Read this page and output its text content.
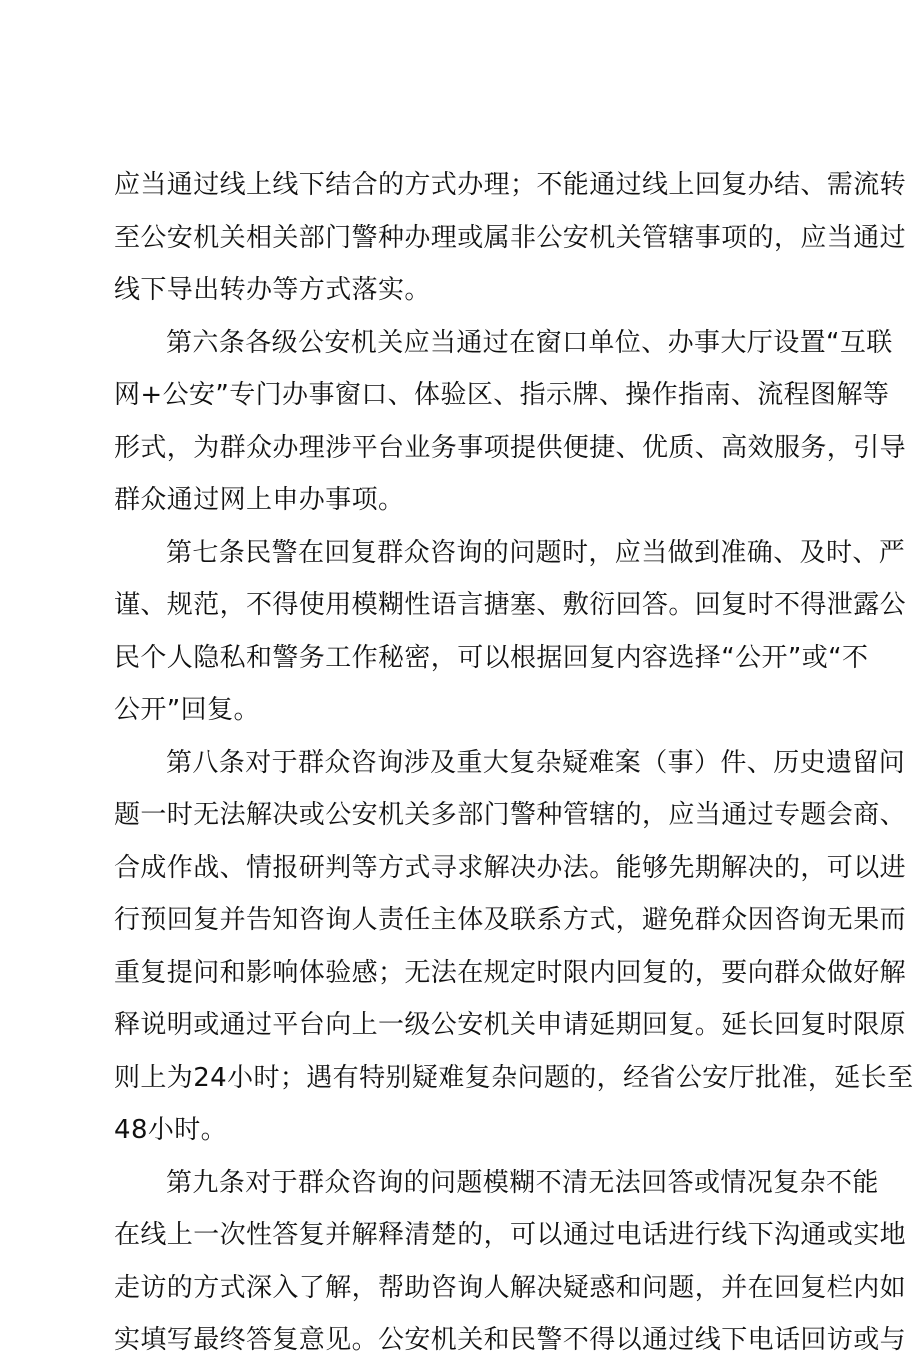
应当通过线上线下结合的方式办理；不能通过线上回复办结、需流转
至公安机关相关部门警种办理或属非公安机关管辖事项的，应当通过
线下导出转办等方式落实。
第六条各级公安机关应当通过在窗口单位、办事大厅设置“互联
网+公安”专门办事窗口、体验区、指示牌、操作指南、流程图解等
形式，为群众办理涉平台业务事项提供便捷、优质、高效服务，引导
群众通过网上申办事项。
第七条民警在回复群众咨询的问题时，应当做到准确、及时、严
谨、规范，不得使用模糊性语言搪塞、敷衍回答。回复时不得泄露公
民个人隐私和警务工作秘密，可以根据回复内容选择“公开”或“不
公开”回复。
第八条对于群众咨询涉及重大复杂疑难案（事）件、历史遗留问
题一时无法解决或公安机关多部门警种管辖的，应当通过专题会商、
合成作战、情报研判等方式寻求解决办法。能够先期解决的，可以进
行预回复并告知咨询人责任主体及联系方式，避免群众因咨询无果而
重复提问和影响体验感；无法在规定时限内回复的，要向群众做好解
释说明或通过平台向上一级公安机关申请延期回复。延长回复时限原
则上为24小时；遇有特别疑难复杂问题的，经省公安厅批准，延长至
48小时。
第九条对于群众咨询的问题模糊不清无法回答或情况复杂不能
在线上一次性答复并解释清楚的，可以通过电话进行线下沟通或实地
走访的方式深入了解，帮助咨询人解决疑惑和问题，并在回复栏内如
实填写最终答复意见。公安机关和民警不得以通过线下电话回访或与
